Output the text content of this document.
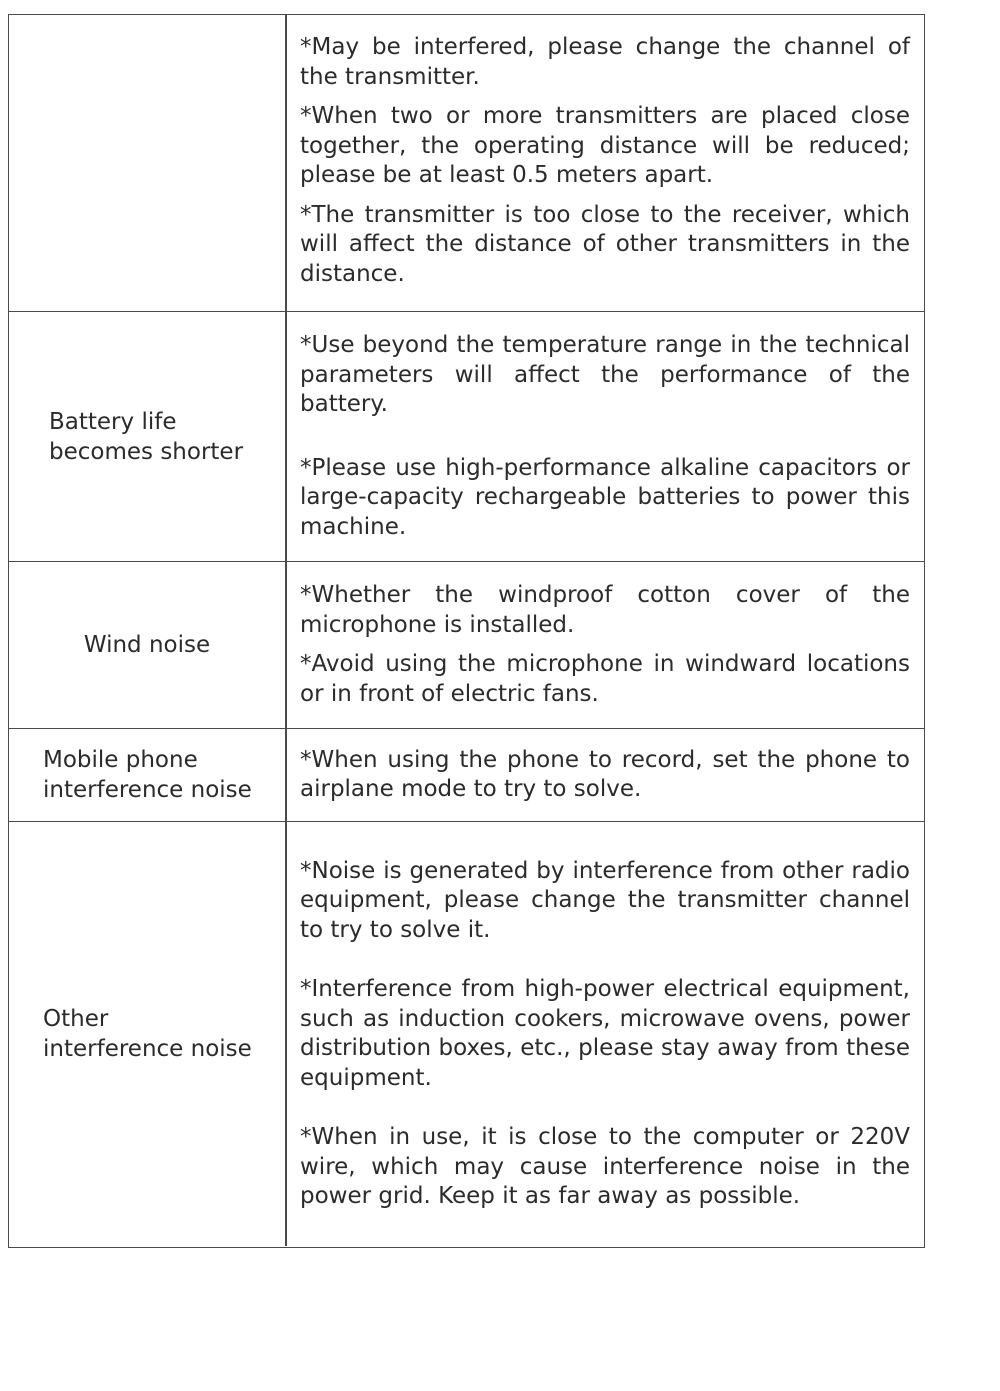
*May be interfered, please change the channel of the transmitter.

*When two or more transmitters are placed close together, the operating distance will be reduced; please be at least 0.5 meters apart.

*The transmitter is too close to the receiver, which will affect the distance of other transmitters in the distance.

Battery life
becomes shorter

*Use beyond the temperature range in the technical parameters will affect the performance of the battery.

*Please use high-performance alkaline capacitors or large-capacity rechargeable batteries to power this machine.

Wind noise

*Whether the windproof cotton cover of the microphone is installed.

*Avoid using the microphone in windward locations or in front of electric fans.

Mobile phone
interference noise

*When using the phone to record, set the phone to airplane mode to try to solve.

Other
interference noise

*Noise is generated by interference from other radio equipment, please change the transmitter channel to try to solve it.

*Interference from high-power electrical equipment, such as induction cookers, microwave ovens, power distribution boxes, etc., please stay away from these equipment.

*When in use, it is close to the computer or 220V wire, which may cause interference noise in the power grid. Keep it as far away as possible.
